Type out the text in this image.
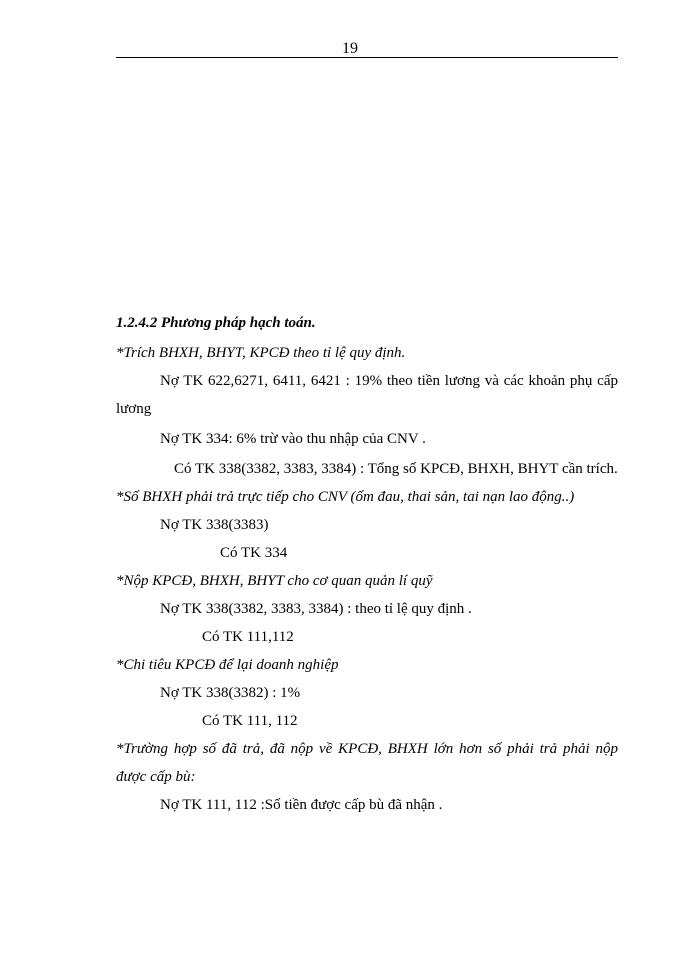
19

1.2.4.2 Phương pháp hạch toán.

*Trích BHXH, BHYT, KPCĐ theo tỉ lệ quy định.

Nợ TK 622,6271, 6411, 6421 : 19% theo tiền lương và các khoản phụ cấp lương

Nợ TK 334: 6% trừ vào thu nhập của CNV .

Có TK 338(3382, 3383, 3384) : Tổng số KPCĐ, BHXH, BHYT cần trích.

*Số BHXH phải trả trực tiếp cho CNV (ốm đau, thai sản, tai nạn lao động..)

Nợ TK 338(3383)

Có TK 334

*Nộp KPCĐ, BHXH, BHYT cho cơ quan quản lí quỹ

Nợ TK 338(3382, 3383, 3384) : theo tỉ lệ quy định .

Có TK 111,112

*Chi tiêu KPCĐ để lại doanh nghiệp

Nợ TK 338(3382) : 1%

Có TK 111, 112

*Trường hợp số đã trả, đã nộp về KPCĐ, BHXH lớn hơn số phải trả phải nộp được cấp bù:

Nợ TK 111, 112 :Số tiền được cấp bù đã nhận .
